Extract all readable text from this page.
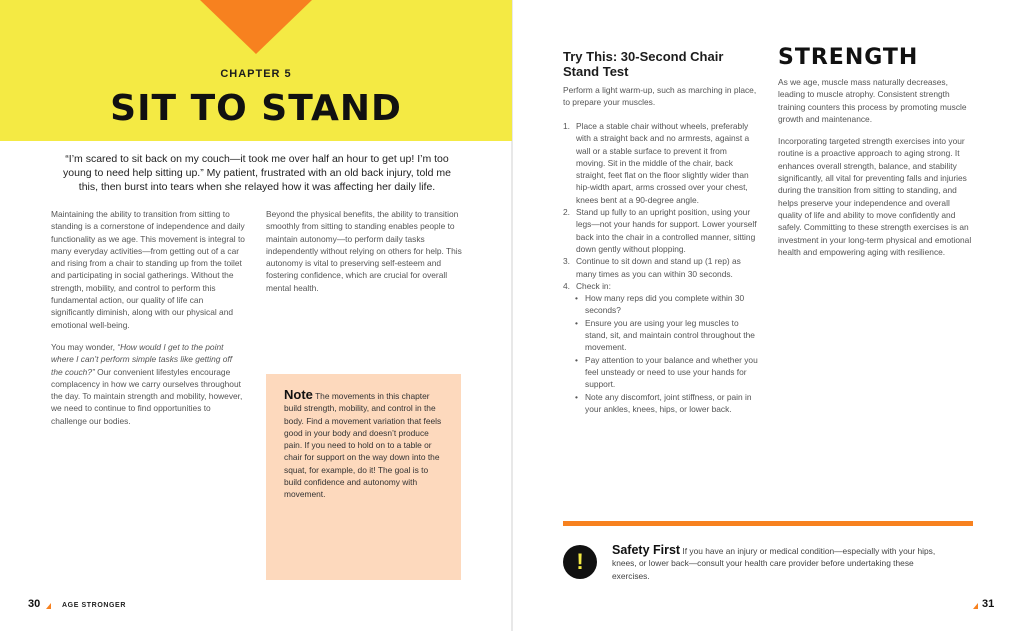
CHAPTER 5
SIT TO STAND
“I’m scared to sit back on my couch—it took me over half an hour to get up! I’m too young to need help sitting up.” My patient, frustrated with an old back injury, told me this, then burst into tears when she relayed how it was affecting her daily life.

Maintaining the ability to transition from sitting to standing is a cornerstone of independence and daily functionality as we age. This movement is integral to many everyday activities—from getting out of a car and rising from a chair to standing up from the toilet and participating in social gatherings. Without the strength, mobility, and control to perform this fundamental action, our quality of life can significantly diminish, along with our physical and emotional well-being.

You may wonder, “How would I get to the point where I can’t perform simple tasks like getting off the couch?” Our convenient lifestyles encourage complacency in how we carry ourselves throughout the day. To maintain strength and mobility, however, we need to continue to find opportunities to challenge our bodies.

Beyond the physical benefits, the ability to transition smoothly from sitting to standing enables people to maintain autonomy—to perform daily tasks independently without relying on others for help. This autonomy is vital to preserving self-esteem and fostering confidence, which are crucial for overall mental health.

Note The movements in this chapter build strength, mobility, and control in the body. Find a movement variation that feels good in your body and doesn’t produce pain. If you need to hold on to a table or chair for support on the way down into the squat, for example, do it! The goal is to build confidence and autonomy with movement.
30	AGE STRONGER
Try This: 30-Second Chair Stand Test
Perform a light warm-up, such as marching in place, to prepare your muscles.
1. Place a stable chair without wheels, preferably with a straight back and no armrests, against a wall or a stable surface to prevent it from moving. Sit in the middle of the chair, back straight, feet flat on the floor slightly wider than hip-width apart, arms crossed over your chest, knees bent at a 90-degree angle.
2. Stand up fully to an upright position, using your legs—not your hands for support. Lower yourself back into the chair in a controlled manner, sitting down gently without plopping.
3. Continue to sit down and stand up (1 rep) as many times as you can within 30 seconds.
4. Check in:
• How many reps did you complete within 30 seconds?
• Ensure you are using your leg muscles to stand, sit, and maintain control throughout the movement.
• Pay attention to your balance and whether you feel unsteady or need to use your hands for support.
• Note any discomfort, joint stiffness, or pain in your ankles, knees, hips, or lower back.
STRENGTH

As we age, muscle mass naturally decreases, leading to muscle atrophy. Consistent strength training counters this process by promoting muscle growth and maintenance.

Incorporating targeted strength exercises into your routine is a proactive approach to aging strong. It enhances overall strength, balance, and stability significantly, all vital for preventing falls and injuries during the transition from sitting to standing, and helps preserve your independence and overall quality of life and ability to move confidently and safely. Committing to these strength exercises is an investment in your long-term physical and emotional health and empowering aging with resilience.

!	Safety First If you have an injury or medical condition—especially with your hips, knees, or lower back—consult your health care provider before undertaking these exercises.
31
